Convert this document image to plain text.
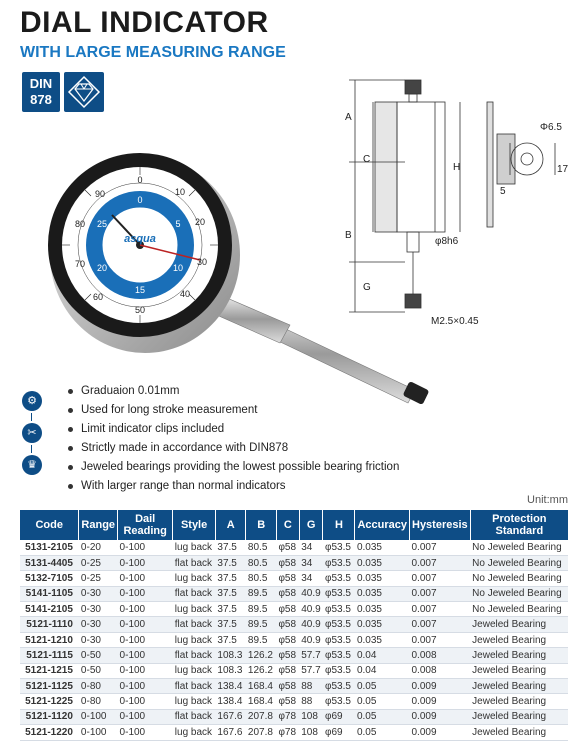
DIAL INDICATOR
WITH LARGE MEASURING RANGE
DIN
878
asqua
0
10
20
30
40
50
60
70
80
90
0
5
10
15
20
25
A
C
B
G
H
φ8h6
M2.5×0.45
Φ6.5
17
5
⚙
✂
♛
Graduaion 0.01mm
Used for long stroke measurement
Limit indicator clips included
Strictly made in accordance with DIN878
Jeweled bearings providing the lowest possible bearing friction
With larger range than normal indicators
Unit:mm
Code	Range	Dail Reading	Style	A	B	C	G	H	Accuracy	Hysteresis	Protection Standard
5131-2105	0-20	0-100	lug back	37.5	80.5	φ58	34	φ53.5	0.035	0.007	No Jeweled Bearing
5131-4405	0-25	0-100	flat back	37.5	80.5	φ58	34	φ53.5	0.035	0.007	No Jeweled Bearing
5132-7105	0-25	0-100	lug back	37.5	80.5	φ58	34	φ53.5	0.035	0.007	No Jeweled Bearing
5141-1105	0-30	0-100	flat back	37.5	89.5	φ58	40.9	φ53.5	0.035	0.007	No Jeweled Bearing
5141-2105	0-30	0-100	lug back	37.5	89.5	φ58	40.9	φ53.5	0.035	0.007	No Jeweled Bearing
5121-1110	0-30	0-100	flat back	37.5	89.5	φ58	40.9	φ53.5	0.035	0.007	Jeweled Bearing
5121-1210	0-30	0-100	lug back	37.5	89.5	φ58	40.9	φ53.5	0.035	0.007	Jeweled Bearing
5121-1115	0-50	0-100	flat back	108.3	126.2	φ58	57.7	φ53.5	0.04	0.008	Jeweled Bearing
5121-1215	0-50	0-100	lug back	108.3	126.2	φ58	57.7	φ53.5	0.04	0.008	Jeweled Bearing
5121-1125	0-80	0-100	flat back	138.4	168.4	φ58	88	φ53.5	0.05	0.009	Jeweled Bearing
5121-1225	0-80	0-100	lug back	138.4	168.4	φ58	88	φ53.5	0.05	0.009	Jeweled Bearing
5121-1120	0-100	0-100	flat back	167.6	207.8	φ78	108	φ69	0.05	0.009	Jeweled Bearing
5121-1220	0-100	0-100	lug back	167.6	207.8	φ78	108	φ69	0.05	0.009	Jeweled Bearing
